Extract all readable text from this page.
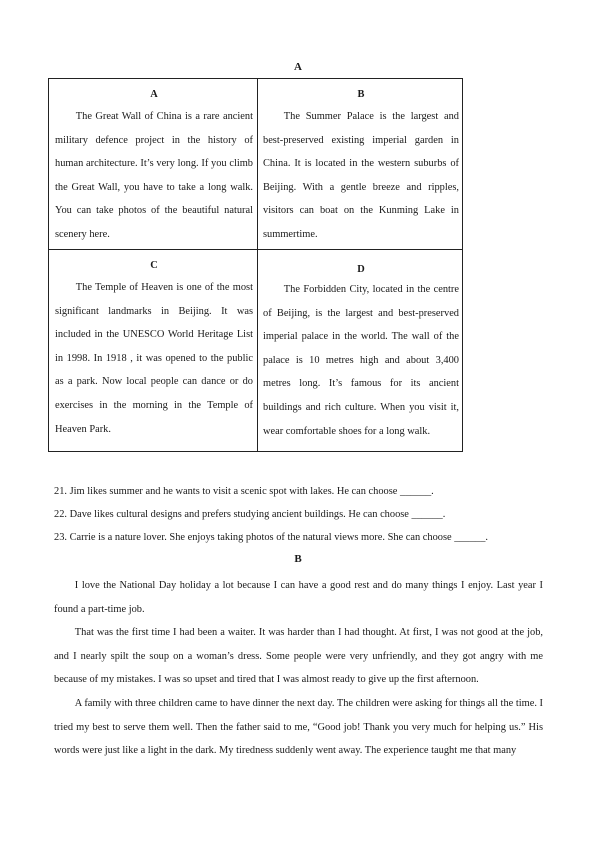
A
A
The Great Wall of China is a rare ancient military defence project in the history of human architecture. It’s very long. If you climb the Great Wall, you have to take a long walk. You can take photos of the beautiful natural scenery here.
B
The Summer Palace is the largest and best-preserved existing imperial garden in China. It is located in the western suburbs of Beijing. With a gentle breeze and ripples, visitors can boat on the Kunming Lake in summertime.
C
The Temple of Heaven is one of the most significant landmarks in Beijing. It was included in the UNESCO World Heritage List in 1998. In 1918 , it was opened to the public as a park. Now local people can dance or do exercises in the morning in the Temple of Heaven Park.
D
The Forbidden City, located in the centre of Beijing, is the largest and best-preserved imperial palace in the world. The wall of the palace is 10 metres high and about 3,400 metres long. It’s famous for its ancient buildings and rich culture. When you visit it, wear comfortable shoes for a long walk.
21. Jim likes summer and he wants to visit a scenic spot with lakes. He can choose ______.
22. Dave likes cultural designs and prefers studying ancient buildings. He can choose ______.
23. Carrie is a nature lover. She enjoys taking photos of the natural views more. She can choose ______.
B

I love the National Day holiday a lot because I can have a good rest and do many things I enjoy. Last year I found a part-time job.

That was the first time I had been a waiter. It was harder than I had thought. At first, I was not good at the job, and I nearly spilt the soup on a woman’s dress. Some people were very unfriendly, and they got angry with me because of my mistakes. I was so upset and tired that I was almost ready to give up the first afternoon.

A family with three children came to have dinner the next day. The children were asking for things all the time. I tried my best to serve them well. Then the father said to me, “Good job! Thank you very much for helping us.” His words were just like a light in the dark. My tiredness suddenly went away. The experience taught me that many
